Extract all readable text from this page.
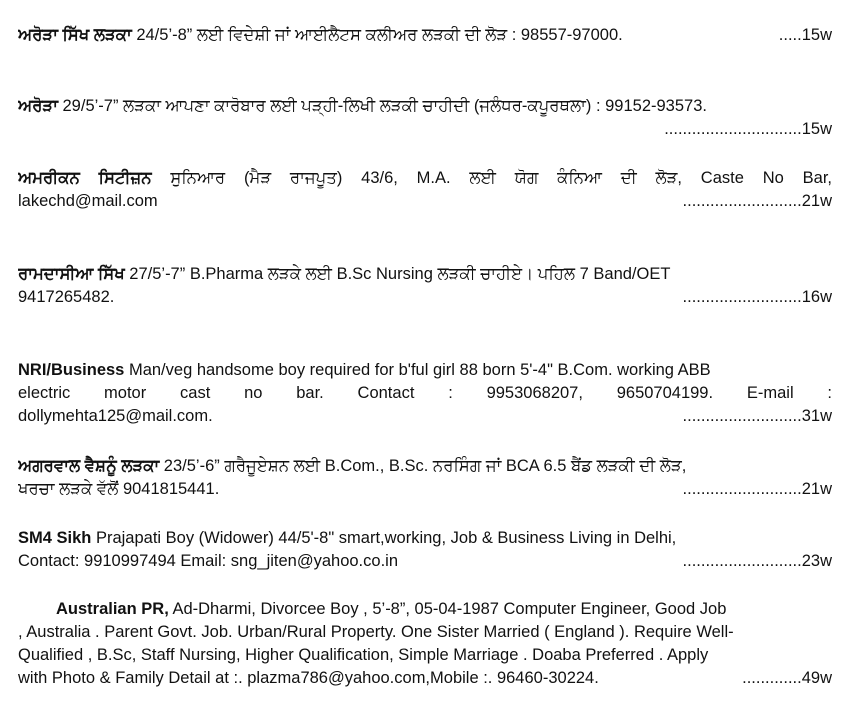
ਅਰੋੜਾ ਸਿੱਖ ਲੜਕਾ 24/5’-8” ਲਈ ਵਿਦੇਸ਼ੀ ਜਾਂ ਆਈਲੈਟਸ ਕਲੀਅਰ ਲੜਕੀ ਦੀ ਲੋੜ : 98557-97000.	.....15w
ਅਰੋੜਾ 29/5’-7” ਲੜਕਾ ਆਪਣਾ ਕਾਰੋਬਾਰ ਲਈ ਪੜ੍ਹੀ-ਲਿਖੀ ਲੜਕੀ ਚਾਹੀਦੀ (ਜਲੰਧਰ-ਕਪੂਰਥਲਾ) : 99152-93573.
..............................15w
ਅਮਰੀਕਨ ਸਿਟੀਜ਼ਨ ਸੁਨਿਆਰ (ਮੈੜ ਰਾਜਪੂਤ) 43/6, M.A. ਲਈ ਯੋਗ ਕੰਨਿਆ ਦੀ ਲੋੜ, Caste No Bar,
lakechd@mail.com	..........................21w
ਰਾਮਦਾਸੀਆ ਸਿੱਖ 27/5’-7” B.Pharma ਲੜਕੇ ਲਈ B.Sc Nursing ਲੜਕੀ ਚਾਹੀਏ। ਪਹਿਲ 7 Band/OET
9417265482.	..........................16w
NRI/Business Man/veg handsome boy required for b'ful girl 88 born 5'-4" B.Com. working ABB
electric motor cast no bar. Contact : 9953068207, 9650704199. E-mail :
dollymehta125@mail.com.	..........................31w
ਅਗਰਵਾਲ ਵੈਸ਼ਨੂੰ ਲੜਕਾ 23/5’-6” ਗਰੈਜੂਏਸ਼ਨ ਲਈ B.Com., B.Sc. ਨਰਸਿੰਗ ਜਾਂ BCA 6.5 ਬੈਂਡ ਲੜਕੀ ਦੀ ਲੋੜ,
ਖਰਚਾ ਲੜਕੇ ਵੱਲੋਂ 9041815441.	..........................21w
SM4 Sikh Prajapati Boy (Widower) 44/5'-8" smart,working, Job & Business Living in Delhi,
Contact: 9910997494 Email: sng_jiten@yahoo.co.in	..........................23w
Australian PR, Ad-Dharmi, Divorcee Boy , 5’-8”, 05-04-1987 Computer Engineer, Good Job
, Australia . Parent Govt. Job. Urban/Rural Property. One Sister Married ( England ). Require Well-
Qualified , B.Sc, Staff Nursing, Higher Qualification, Simple Marriage . Doaba Preferred . Apply
with Photo & Family Detail at :. plazma786@yahoo.com,Mobile :. 96460-30224.	.............49w
